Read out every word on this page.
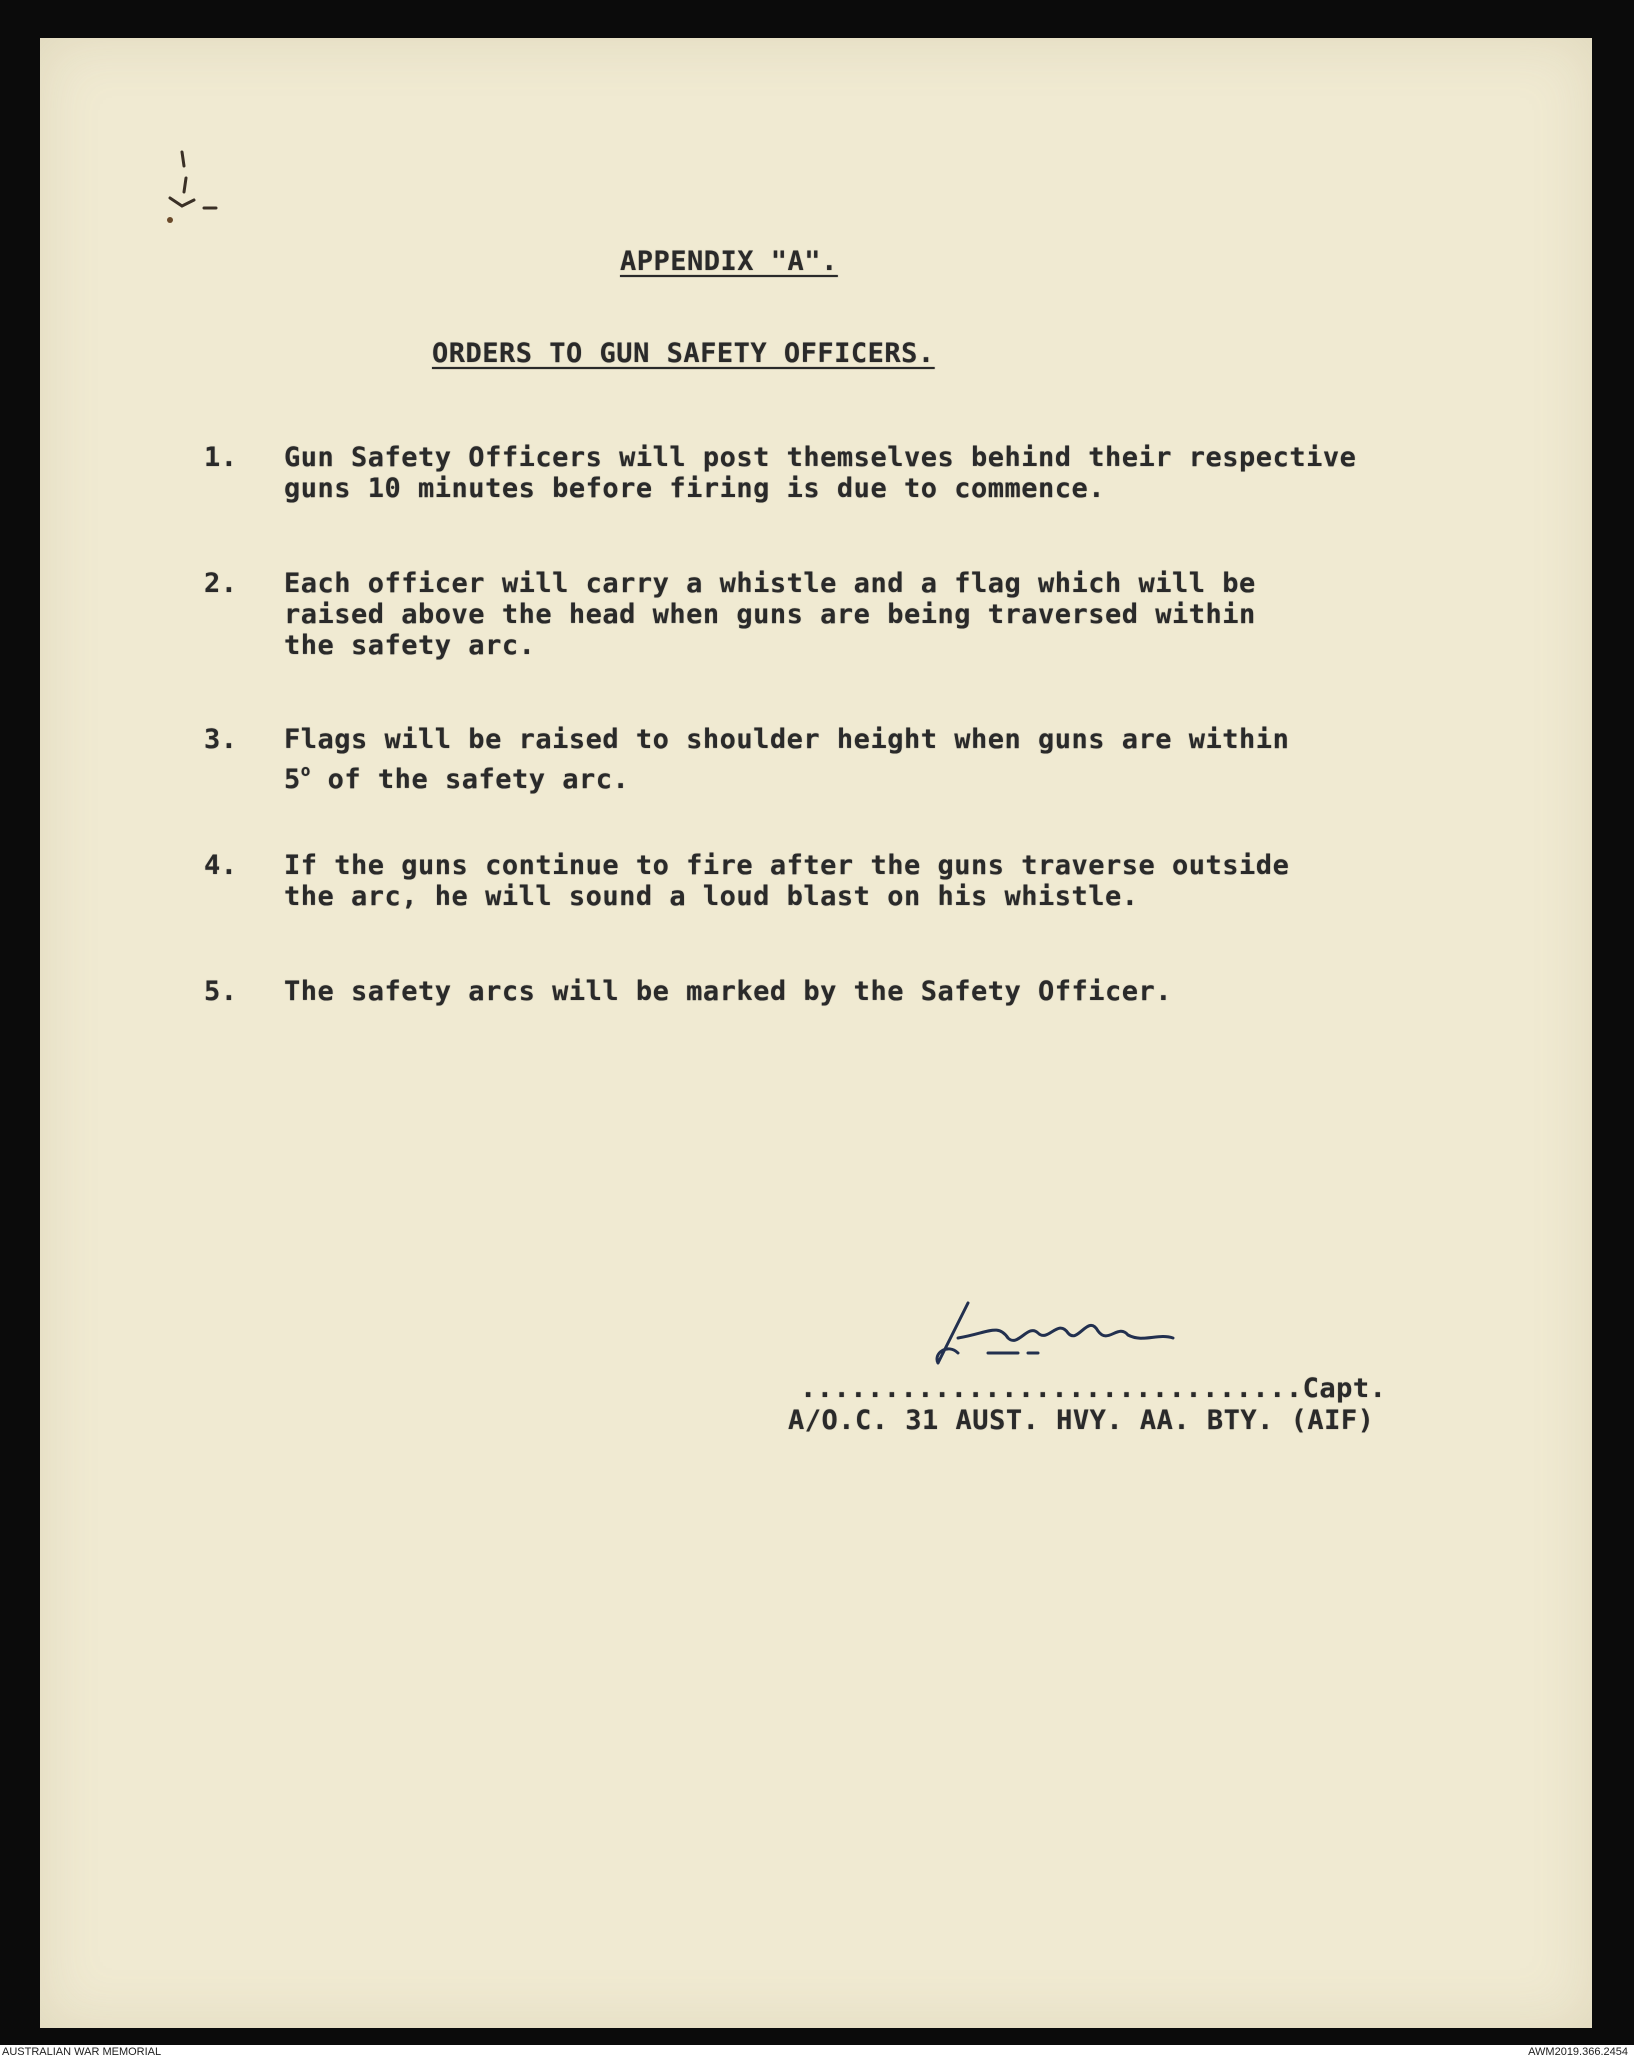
APPENDIX "A".
ORDERS TO GUN SAFETY OFFICERS.
1. Gun Safety Officers will post themselves behind their respective
guns 10 minutes before firing is due to commence.
2. Each officer will carry a whistle and a flag which will be
raised above the head when guns are being traversed within
the safety arc.
3. Flags will be raised to shoulder height when guns are within
5$^o$ of the safety arc.
4. If the guns continue to fire after the guns traverse outside
the arc, he will sound a loud blast on his whistle.
5. The safety arcs will be marked by the Safety Officer.
..............................Capt.
A/O.C. 31 AUST. HVY. AA. BTY. (AIF)
AUSTRALIAN WAR MEMORIAL	AWM2019.366.2454
